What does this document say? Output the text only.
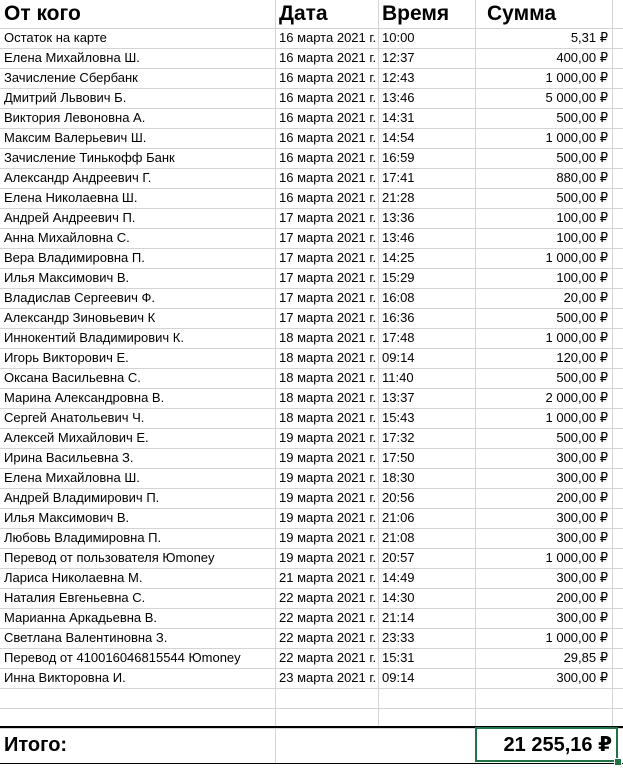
От кого	Дата	Время	Сумма
Остаток на карте	16 марта 2021 г. 10:00	5,31 ₽
Елена Михайловна Ш.	16 марта 2021 г. 12:37	400,00 ₽
Зачисление Сбербанк	16 марта 2021 г. 12:43	1 000,00 ₽
Дмитрий Львович Б.	16 марта 2021 г. 13:46	5 000,00 ₽
Виктория Левоновна А.	16 марта 2021 г. 14:31	500,00 ₽
Максим Валерьевич Ш.	16 марта 2021 г. 14:54	1 000,00 ₽
Зачисление Тинькофф Банк	16 марта 2021 г. 16:59	500,00 ₽
Александр Андреевич Г.	16 марта 2021 г. 17:41	880,00 ₽
Елена Николаевна Ш.	16 марта 2021 г. 21:28	500,00 ₽
Андрей Андреевич П.	17 марта 2021 г. 13:36	100,00 ₽
Анна Михайловна С.	17 марта 2021 г. 13:46	100,00 ₽
Вера Владимировна П.	17 марта 2021 г. 14:25	1 000,00 ₽
Илья Максимович В.	17 марта 2021 г. 15:29	100,00 ₽
Владислав Сергеевич Ф.	17 марта 2021 г. 16:08	20,00 ₽
Александр Зиновьевич К	17 марта 2021 г. 16:36	500,00 ₽
Иннокентий Владимирович К.	18 марта 2021 г. 17:48	1 000,00 ₽
Игорь Викторович Е.	18 марта 2021 г. 09:14	120,00 ₽
Оксана Васильевна С.	18 марта 2021 г. 11:40	500,00 ₽
Марина Александровна В.	18 марта 2021 г. 13:37	2 000,00 ₽
Сергей Анатольевич Ч.	18 марта 2021 г. 15:43	1 000,00 ₽
Алексей Михайлович Е.	19 марта 2021 г. 17:32	500,00 ₽
Ирина Васильевна З.	19 марта 2021 г. 17:50	300,00 ₽
Елена Михайловна Ш.	19 марта 2021 г. 18:30	300,00 ₽
Андрей Владимирович П.	19 марта 2021 г. 20:56	200,00 ₽
Илья Максимович В.	19 марта 2021 г. 21:06	300,00 ₽
Любовь Владимировна П.	19 марта 2021 г. 21:08	300,00 ₽
Перевод от пользователя Юmoney	19 марта 2021 г. 20:57	1 000,00 ₽
Лариса Николаевна М.	21 марта 2021 г. 14:49	300,00 ₽
Наталия Евгеньевна С.	22 марта 2021 г. 14:30	200,00 ₽
Марианна Аркадьевна В.	22 марта 2021 г. 21:14	300,00 ₽
Светлана Валентиновна З.	22 марта 2021 г. 23:33	1 000,00 ₽
Перевод от 410016046815544 Юmoney	22 марта 2021 г. 15:31	29,85 ₽
Инна Викторовна И.	23 марта 2021 г. 09:14	300,00 ₽
Итого:	21 255,16 ₽
